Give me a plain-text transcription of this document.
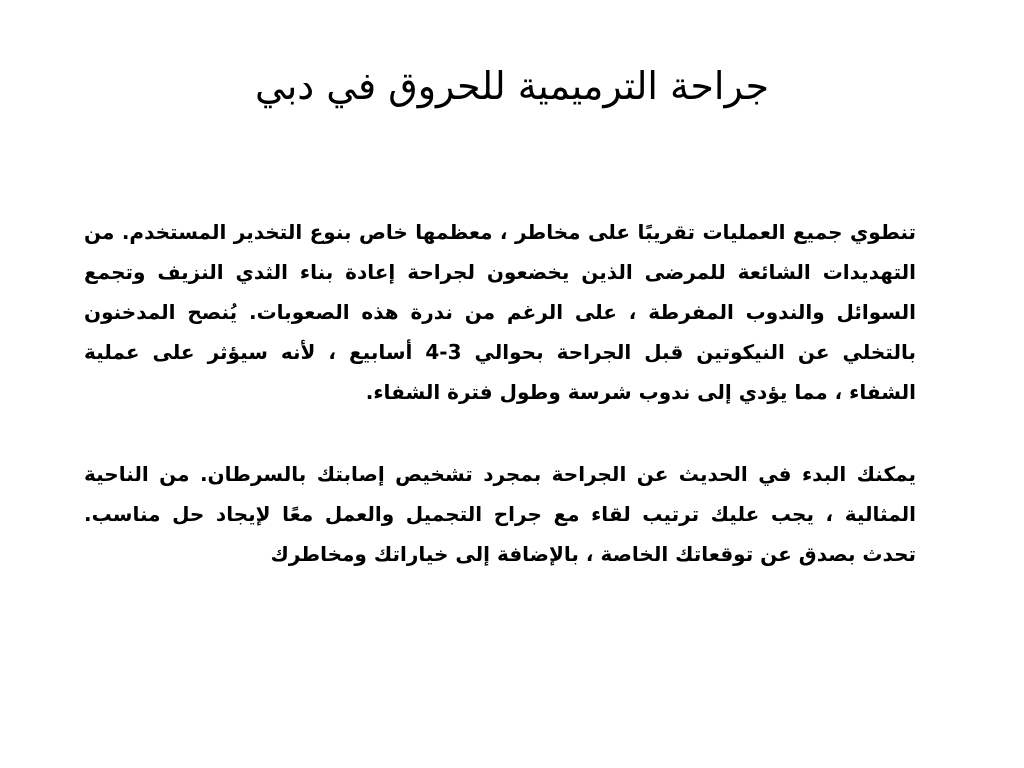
جراحة الترميمية للحروق في دبي

تنطوي جميع العمليات تقريبًا على مخاطر ، معظمها خاص بنوع التخدير المستخدم. من التهديدات الشائعة للمرضى الذين يخضعون لجراحة إعادة بناء الثدي النزيف وتجمع السوائل والندوب المفرطة ، على الرغم من ندرة هذه الصعوبات. يُنصح المدخنون بالتخلي عن النيكوتين قبل الجراحة بحوالي 3-4 أسابيع ، لأنه سيؤثر على عملية الشفاء ، مما يؤدي إلى ندوب شرسة وطول فترة الشفاء.

يمكنك البدء في الحديث عن الجراحة بمجرد تشخيص إصابتك بالسرطان. من الناحية المثالية ، يجب عليك ترتيب لقاء مع جراح التجميل والعمل معًا لإيجاد حل مناسب. تحدث بصدق عن توقعاتك الخاصة ، بالإضافة إلى خياراتك ومخاطرك
